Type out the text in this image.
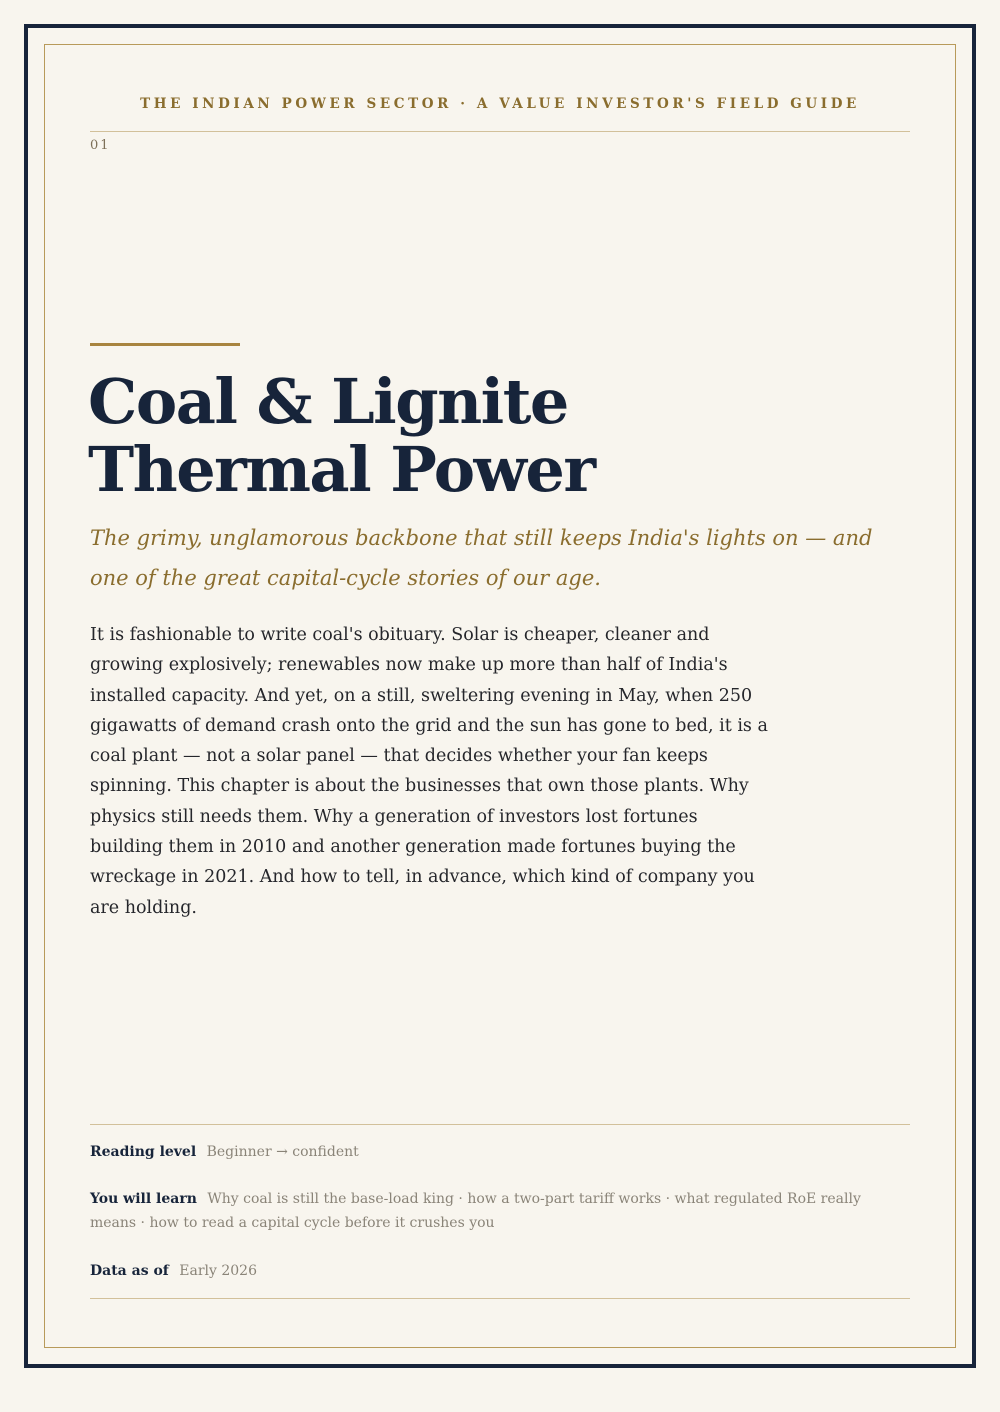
THE INDIAN POWER SECTOR · A VALUE INVESTOR'S FIELD GUIDE
01
Coal & Lignite
Thermal Power

The grimy, unglamorous backbone that still keeps India's lights on — and one of the great capital-cycle stories of our age.

It is fashionable to write coal's obituary. Solar is cheaper, cleaner and growing explosively; renewables now make up more than half of India's installed capacity. And yet, on a still, sweltering evening in May, when 250 gigawatts of demand crash onto the grid and the sun has gone to bed, it is a coal plant — not a solar panel — that decides whether your fan keeps spinning. This chapter is about the businesses that own those plants. Why physics still needs them. Why a generation of investors lost fortunes building them in 2010 and another generation made fortunes buying the wreckage in 2021. And how to tell, in advance, which kind of company you are holding.

Reading level Beginner → confident
You will learn Why coal is still the base-load king · how a two-part tariff works · what regulated RoE really means · how to read a capital cycle before it crushes you
Data as of Early 2026
